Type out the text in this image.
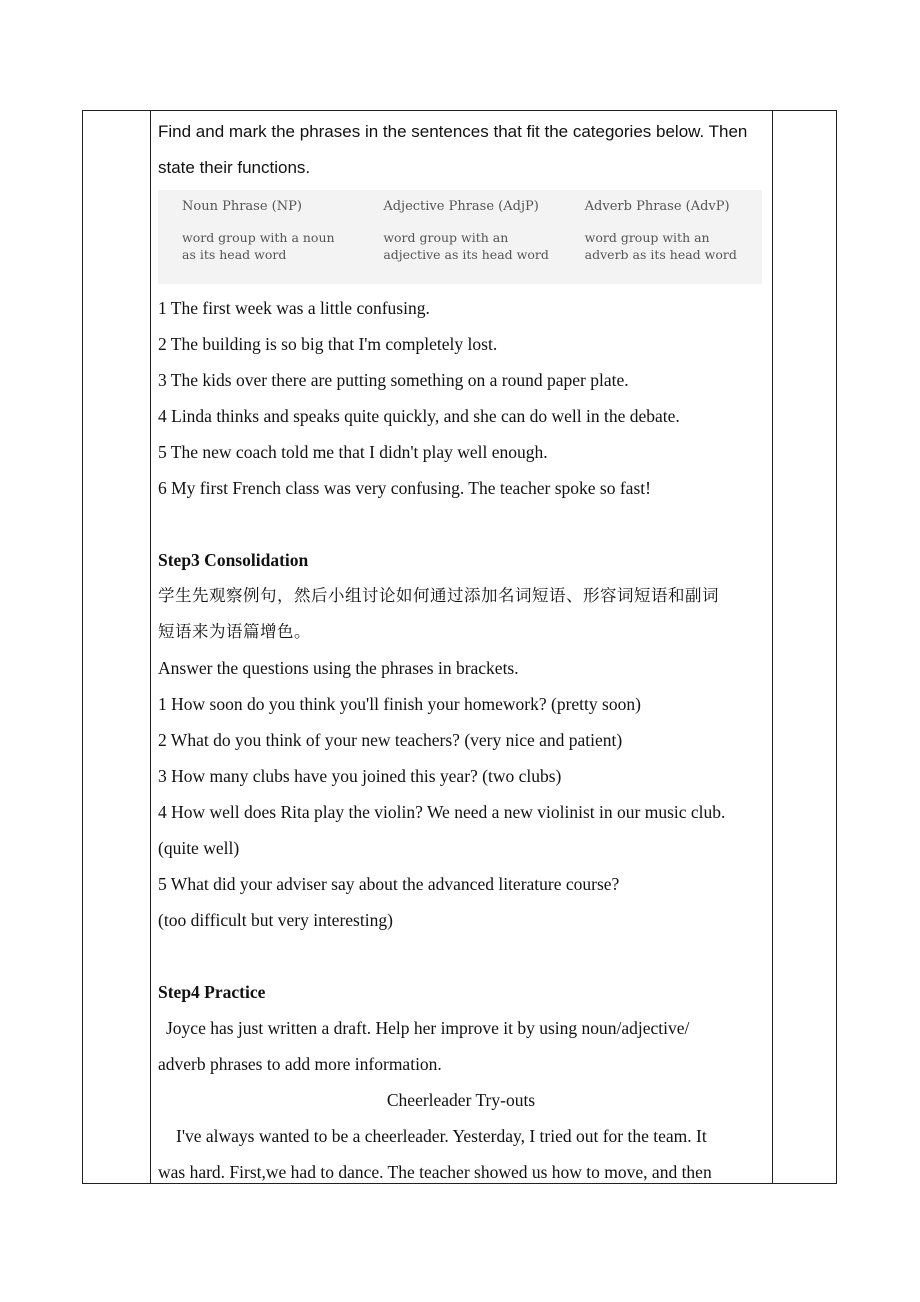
Find and mark the phrases in the sentences that fit the categories below. Then

state their functions.

Noun Phrase (NP)
word group with a noun as its head word
Adjective Phrase (AdjP)
word group with an adjective as its head word
Adverb Phrase (AdvP)
word group with an adverb as its head word

1 The first week was a little confusing.

2 The building is so big that I'm completely lost.

3 The kids over there are putting something on a round paper plate.

4 Linda thinks and speaks quite quickly, and she can do well in the debate.

5 The new coach told me that I didn't play well enough.

6 My first French class was very confusing. The teacher spoke so fast!

Step3 Consolidation

学生先观察例句，然后小组讨论如何通过添加名词短语、形容词短语和副词

短语来为语篇增色。

Answer the questions using the phrases in brackets.

1 How soon do you think you'll finish your homework? (pretty soon)

2 What do you think of your new teachers? (very nice and patient)

3 How many clubs have you joined this year? (two clubs)

4 How well does Rita play the violin? We need a new violinist in our music club.

(quite well)

5 What did your adviser say about the advanced literature course?

(too difficult but very interesting)

Step4 Practice

Joyce has just written a draft. Help her improve it by using noun/adjective/

adverb phrases to add more information.

Cheerleader Try-outs

I've always wanted to be a cheerleader. Yesterday, I tried out for the team. It

was hard. First,we had to dance. The teacher showed us how to move, and then
